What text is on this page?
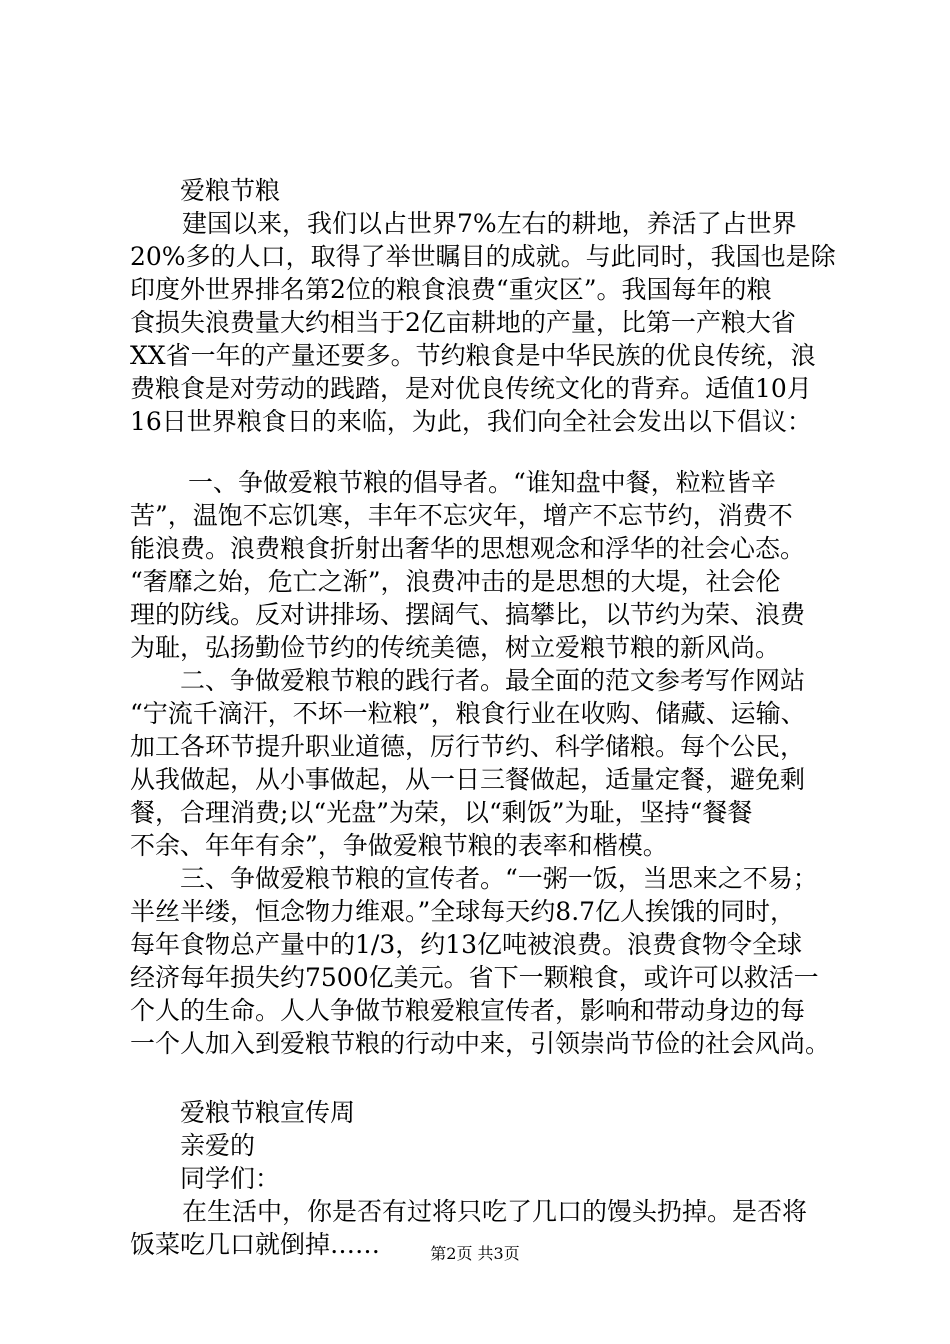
爱粮节粮
建国以来，我们以占世界7%左右的耕地，养活了占世界
20%多的人口，取得了举世瞩目的成就。与此同时，我国也是除
印度外世界排名第2位的粮食浪费“重灾区”。我国每年的粮
食损失浪费量大约相当于2亿亩耕地的产量，比第一产粮大省
XX省一年的产量还要多。节约粮食是中华民族的优良传统，浪
费粮食是对劳动的践踏，是对优良传统文化的背弃。适值10月
16日世界粮食日的来临，为此，我们向全社会发出以下倡议：
一、争做爱粮节粮的倡导者。“谁知盘中餐，粒粒皆辛
苦”，温饱不忘饥寒，丰年不忘灾年，增产不忘节约，消费不
能浪费。浪费粮食折射出奢华的思想观念和浮华的社会心态。
“奢靡之始，危亡之渐”，浪费冲击的是思想的大堤，社会伦
理的防线。反对讲排场、摆阔气、搞攀比，以节约为荣、浪费
为耻，弘扬勤俭节约的传统美德，树立爱粮节粮的新风尚。
二、争做爱粮节粮的践行者。最全面的范文参考写作网站
“宁流千滴汗，不坏一粒粮”，粮食行业在收购、储藏、运输、
加工各环节提升职业道德，厉行节约、科学储粮。每个公民，
从我做起，从小事做起，从一日三餐做起，适量定餐，避免剩
餐，合理消费;以“光盘”为荣，以“剩饭”为耻，坚持“餐餐
不余、年年有余”，争做爱粮节粮的表率和楷模。
三、争做爱粮节粮的宣传者。“一粥一饭，当思来之不易；
半丝半缕，恒念物力维艰。”全球每天约8.7亿人挨饿的同时，
每年食物总产量中的1/3，约13亿吨被浪费。浪费食物令全球
经济每年损失约7500亿美元。省下一颗粮食，或许可以救活一
个人的生命。人人争做节粮爱粮宣传者，影响和带动身边的每
一个人加入到爱粮节粮的行动中来，引领崇尚节俭的社会风尚。
爱粮节粮宣传周
亲爱的
同学们：
在生活中，你是否有过将只吃了几口的馒头扔掉。是否将
饭菜吃几口就倒掉……	第2页 共3页
